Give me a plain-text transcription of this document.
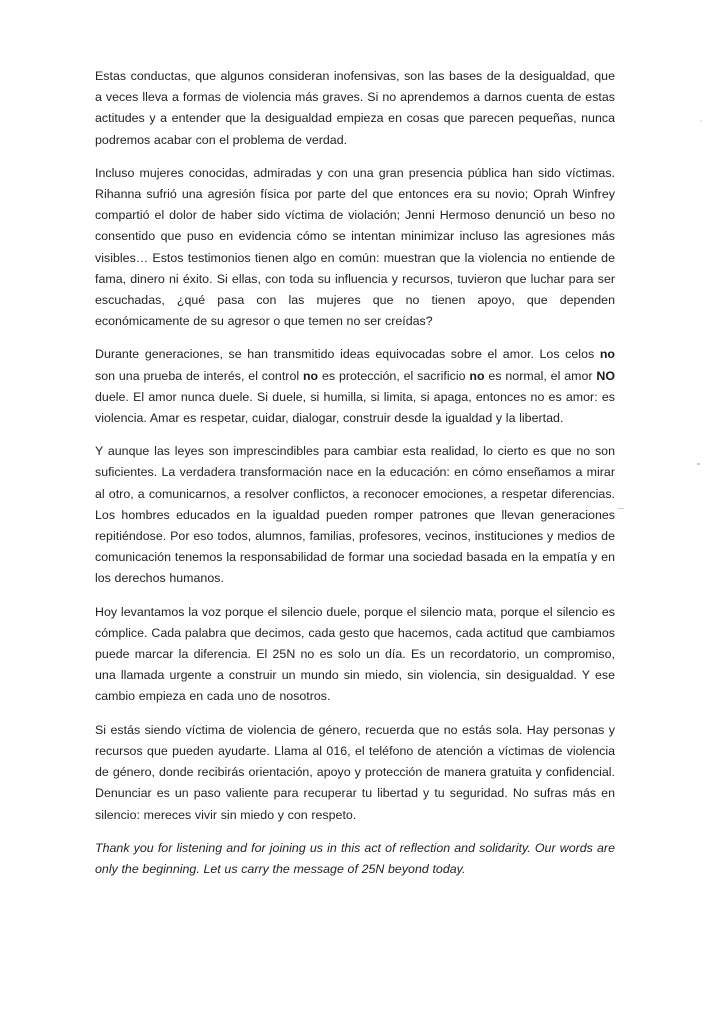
Estas conductas, que algunos consideran inofensivas, son las bases de la desigualdad, que a veces lleva a formas de violencia más graves. Si no aprendemos a darnos cuenta de estas actitudes y a entender que la desigualdad empieza en cosas que parecen pequeñas, nunca podremos acabar con el problema de verdad.

Incluso mujeres conocidas, admiradas y con una gran presencia pública han sido víctimas. Rihanna sufrió una agresión física por parte del que entonces era su novio; Oprah Winfrey compartió el dolor de haber sido víctima de violación; Jenni Hermoso denunció un beso no consentido que puso en evidencia cómo se intentan minimizar incluso las agresiones más visibles… Estos testimonios tienen algo en común: muestran que la violencia no entiende de fama, dinero ni éxito. Si ellas, con toda su influencia y recursos, tuvieron que luchar para ser escuchadas, ¿qué pasa con las mujeres que no tienen apoyo, que dependen económicamente de su agresor o que temen no ser creídas?

Durante generaciones, se han transmitido ideas equivocadas sobre el amor. Los celos no son una prueba de interés, el control no es protección, el sacrificio no es normal, el amor NO duele. El amor nunca duele. Si duele, si humilla, si limita, si apaga, entonces no es amor: es violencia. Amar es respetar, cuidar, dialogar, construir desde la igualdad y la libertad.

Y aunque las leyes son imprescindibles para cambiar esta realidad, lo cierto es que no son suficientes. La verdadera transformación nace en la educación: en cómo enseñamos a mirar al otro, a comunicarnos, a resolver conflictos, a reconocer emociones, a respetar diferencias. Los hombres educados en la igualdad pueden romper patrones que llevan generaciones repitiéndose. Por eso todos, alumnos, familias, profesores, vecinos, instituciones y medios de comunicación tenemos la responsabilidad de formar una sociedad basada en la empatía y en los derechos humanos.

Hoy levantamos la voz porque el silencio duele, porque el silencio mata, porque el silencio es cómplice. Cada palabra que decimos, cada gesto que hacemos, cada actitud que cambiamos puede marcar la diferencia. El 25N no es solo un día. Es un recordatorio, un compromiso, una llamada urgente a construir un mundo sin miedo, sin violencia, sin desigualdad. Y ese cambio empieza en cada uno de nosotros.

Si estás siendo víctima de violencia de género, recuerda que no estás sola. Hay personas y recursos que pueden ayudarte. Llama al 016, el teléfono de atención a víctimas de violencia de género, donde recibirás orientación, apoyo y protección de manera gratuita y confidencial. Denunciar es un paso valiente para recuperar tu libertad y tu seguridad. No sufras más en silencio: mereces vivir sin miedo y con respeto.

Thank you for listening and for joining us in this act of reflection and solidarity. Our words are only the beginning. Let us carry the message of 25N beyond today.
